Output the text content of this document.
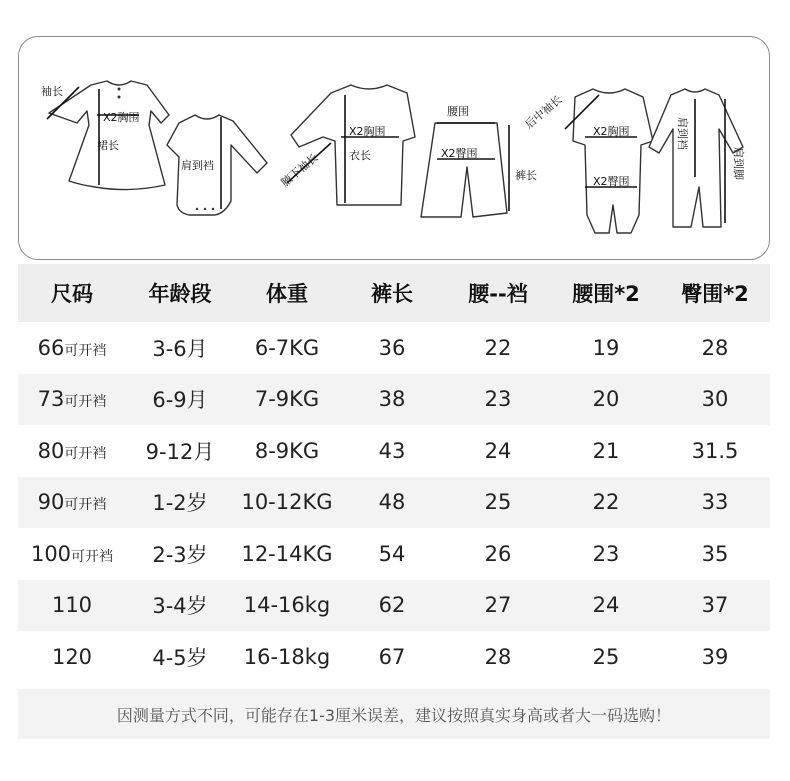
袖长
X2胸围
裙长
肩到裆	腋下袖长
X2胸围
衣长
腰围
X2臀围
裤长
后中袖长
X2胸围
X2臀围
肩到裆
肩到脚
尺码	年龄段	体重	裤长	腰--裆	腰围*2	臀围*2
66可开裆	3-6月	6-7KG	36	22	19	28
73可开裆	6-9月	7-9KG	38	23	20	30
80可开裆	9-12月	8-9KG	43	24	21	31.5
90可开裆	1-2岁	10-12KG	48	25	22	33
100可开裆	2-3岁	12-14KG	54	26	23	35
110	3-4岁	14-16kg	62	27	24	37
120	4-5岁	16-18kg	67	28	25	39
因测量方式不同，可能存在1-3厘米误差，建议按照真实身高或者大一码选购！
